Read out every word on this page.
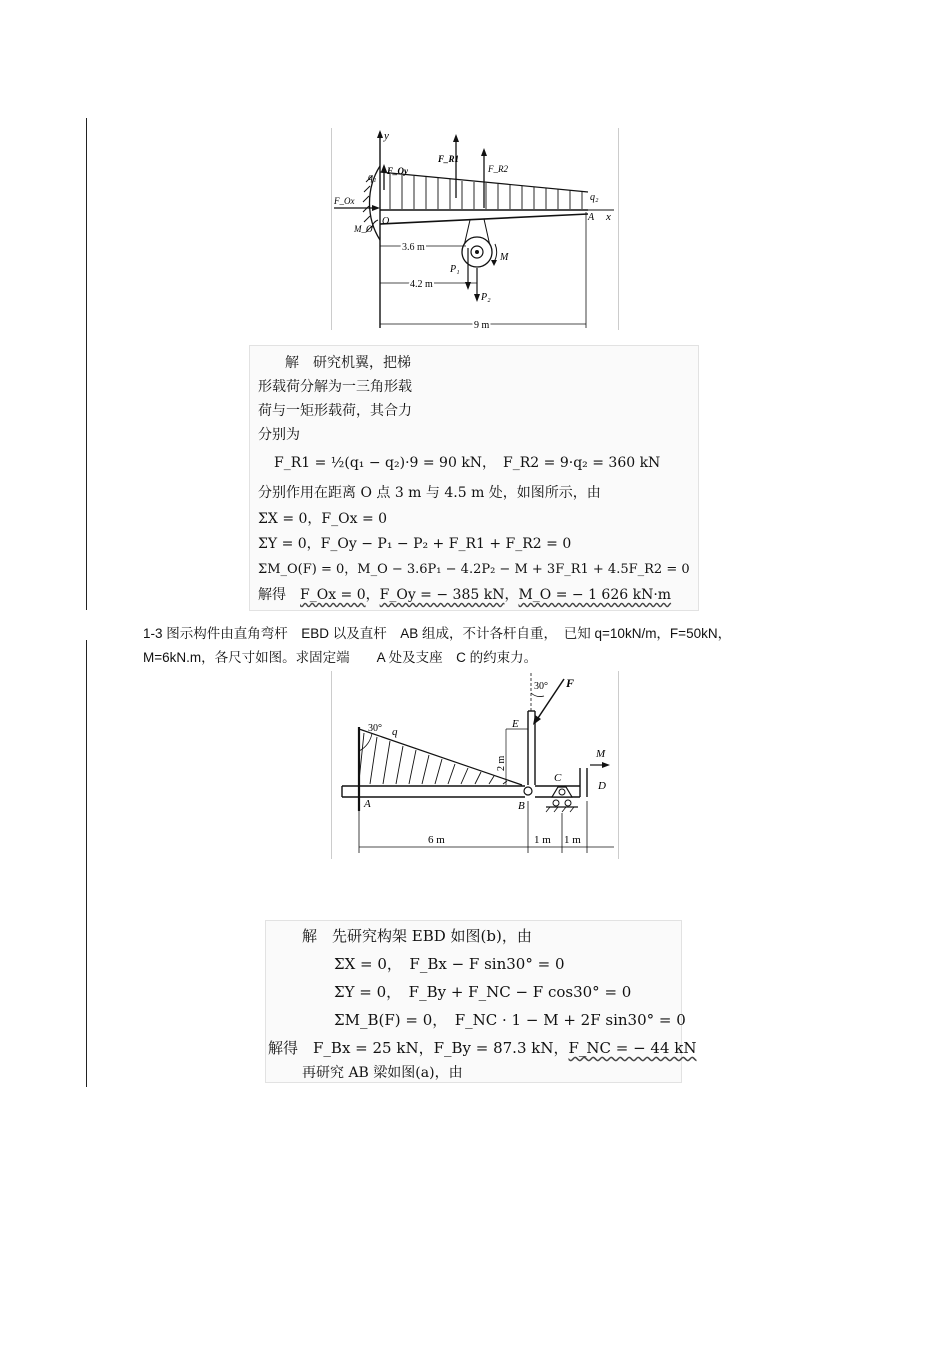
y
x
q₁
q₂
F_Oy
F_R1
F_R2
F_Ox
M_O
O	A
M
P₁
P₂
3.6 m
4.2 m
9 m
解　研究机翼，把梯
形载荷分解为一三角形载
荷与一矩形载荷，其合力
分别为
F_R1 = ½(q₁ − q₂)·9 = 90 kN，　F_R2 = 9·q₂ = 360 kN
分别作用在距离 O 点 3 m 与 4.5 m 处，如图所示，由
ΣX = 0，F_Ox = 0
ΣY = 0，F_Oy − P₁ − P₂ + F_R1 + F_R2 = 0
ΣM_O(F) = 0，M_O − 3.6P₁ − 4.2P₂ − M + 3F_R1 + 4.5F_R2 = 0
解得　F_Ox = 0，F_Oy = − 385 kN，M_O = − 1 626 kN·m
1-3 图示构件由直角弯杆　EBD 以及直杆　AB 组成，不计各杆自重，　已知 q=10kN/m，F=50kN，
M=6kN.m，各尺寸如图。求固定端　　A 处及支座　C 的约束力。
30° q
E
30° F
2 m
M
D
B
A
C
6 m	1 m 1 m
解　先研究构架 EBD 如图(b)，由
ΣX = 0，　F_Bx − F sin30° = 0
ΣY = 0，　F_By + F_NC − F cos30° = 0
ΣM_B(F) = 0，　F_NC · 1 − M + 2F sin30° = 0
解得　F_Bx = 25 kN，F_By = 87.3 kN，F_NC = − 44 kN
再研究 AB 梁如图(a)，由
